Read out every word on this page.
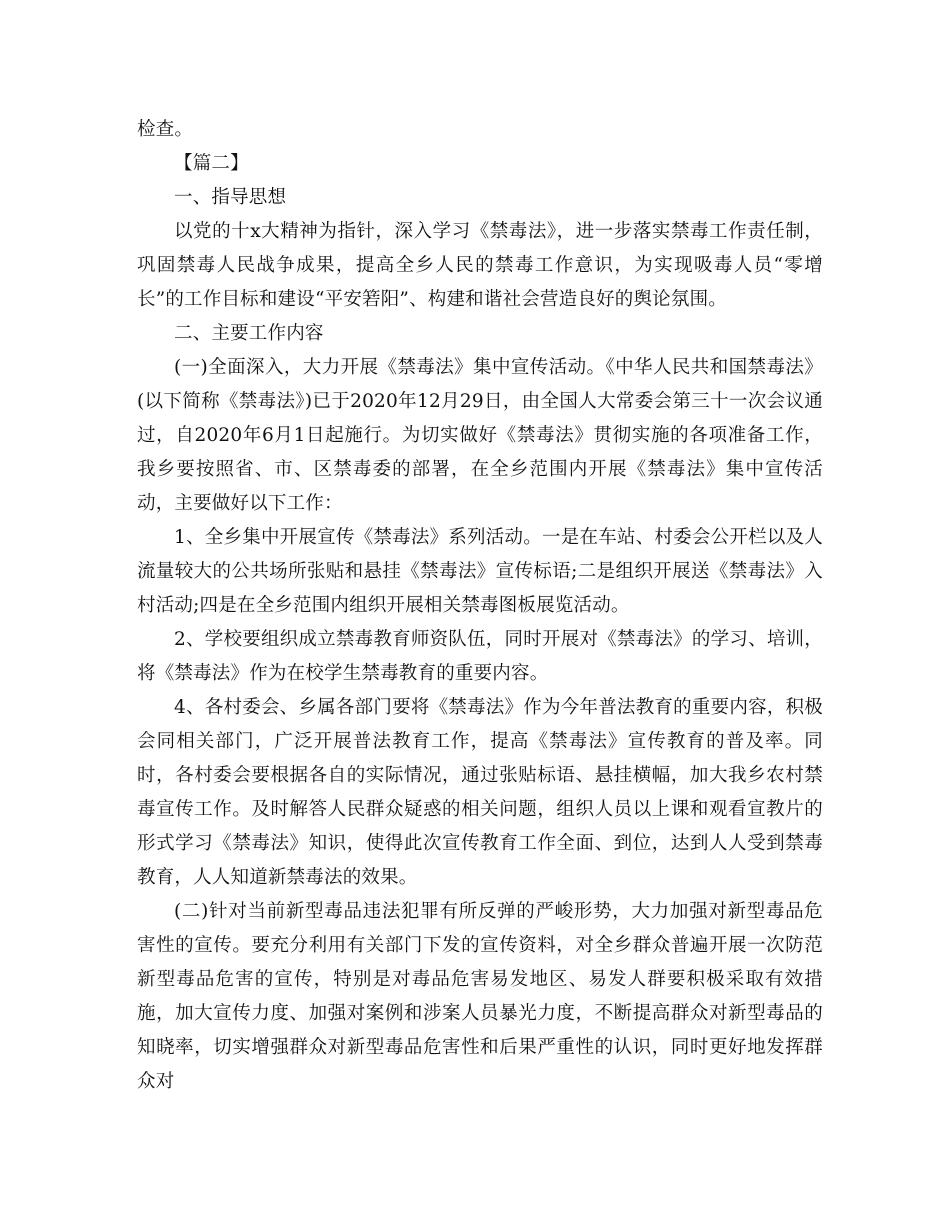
检查。

【篇二】

一、指导思想

以党的十x大精神为指针，深入学习《禁毒法》，进一步落实禁毒工作责任制，巩固禁毒人民战争成果，提高全乡人民的禁毒工作意识，为实现吸毒人员“零增长”的工作目标和建设“平安箬阳”、构建和谐社会营造良好的舆论氛围。

二、主要工作内容

(一)全面深入，大力开展《禁毒法》集中宣传活动。《中华人民共和国禁毒法》(以下简称《禁毒法》)已于2020年12月29日，由全国人大常委会第三十一次会议通过，自2020年6月1日起施行。为切实做好《禁毒法》贯彻实施的各项准备工作，我乡要按照省、市、区禁毒委的部署，在全乡范围内开展《禁毒法》集中宣传活动，主要做好以下工作：

1、全乡集中开展宣传《禁毒法》系列活动。一是在车站、村委会公开栏以及人流量较大的公共场所张贴和悬挂《禁毒法》宣传标语;二是组织开展送《禁毒法》入村活动;四是在全乡范围内组织开展相关禁毒图板展览活动。

2、学校要组织成立禁毒教育师资队伍，同时开展对《禁毒法》的学习、培训，将《禁毒法》作为在校学生禁毒教育的重要内容。

4、各村委会、乡属各部门要将《禁毒法》作为今年普法教育的重要内容，积极会同相关部门，广泛开展普法教育工作，提高《禁毒法》宣传教育的普及率。同时，各村委会要根据各自的实际情况，通过张贴标语、悬挂横幅，加大我乡农村禁毒宣传工作。及时解答人民群众疑惑的相关问题，组织人员以上课和观看宣教片的形式学习《禁毒法》知识，使得此次宣传教育工作全面、到位，达到人人受到禁毒教育，人人知道新禁毒法的效果。

(二)针对当前新型毒品违法犯罪有所反弹的严峻形势，大力加强对新型毒品危害性的宣传。要充分利用有关部门下发的宣传资料，对全乡群众普遍开展一次防范新型毒品危害的宣传，特别是对毒品危害易发地区、易发人群要积极采取有效措施，加大宣传力度、加强对案例和涉案人员暴光力度，不断提高群众对新型毒品的知晓率，切实增强群众对新型毒品危害性和后果严重性的认识，同时更好地发挥群众对
